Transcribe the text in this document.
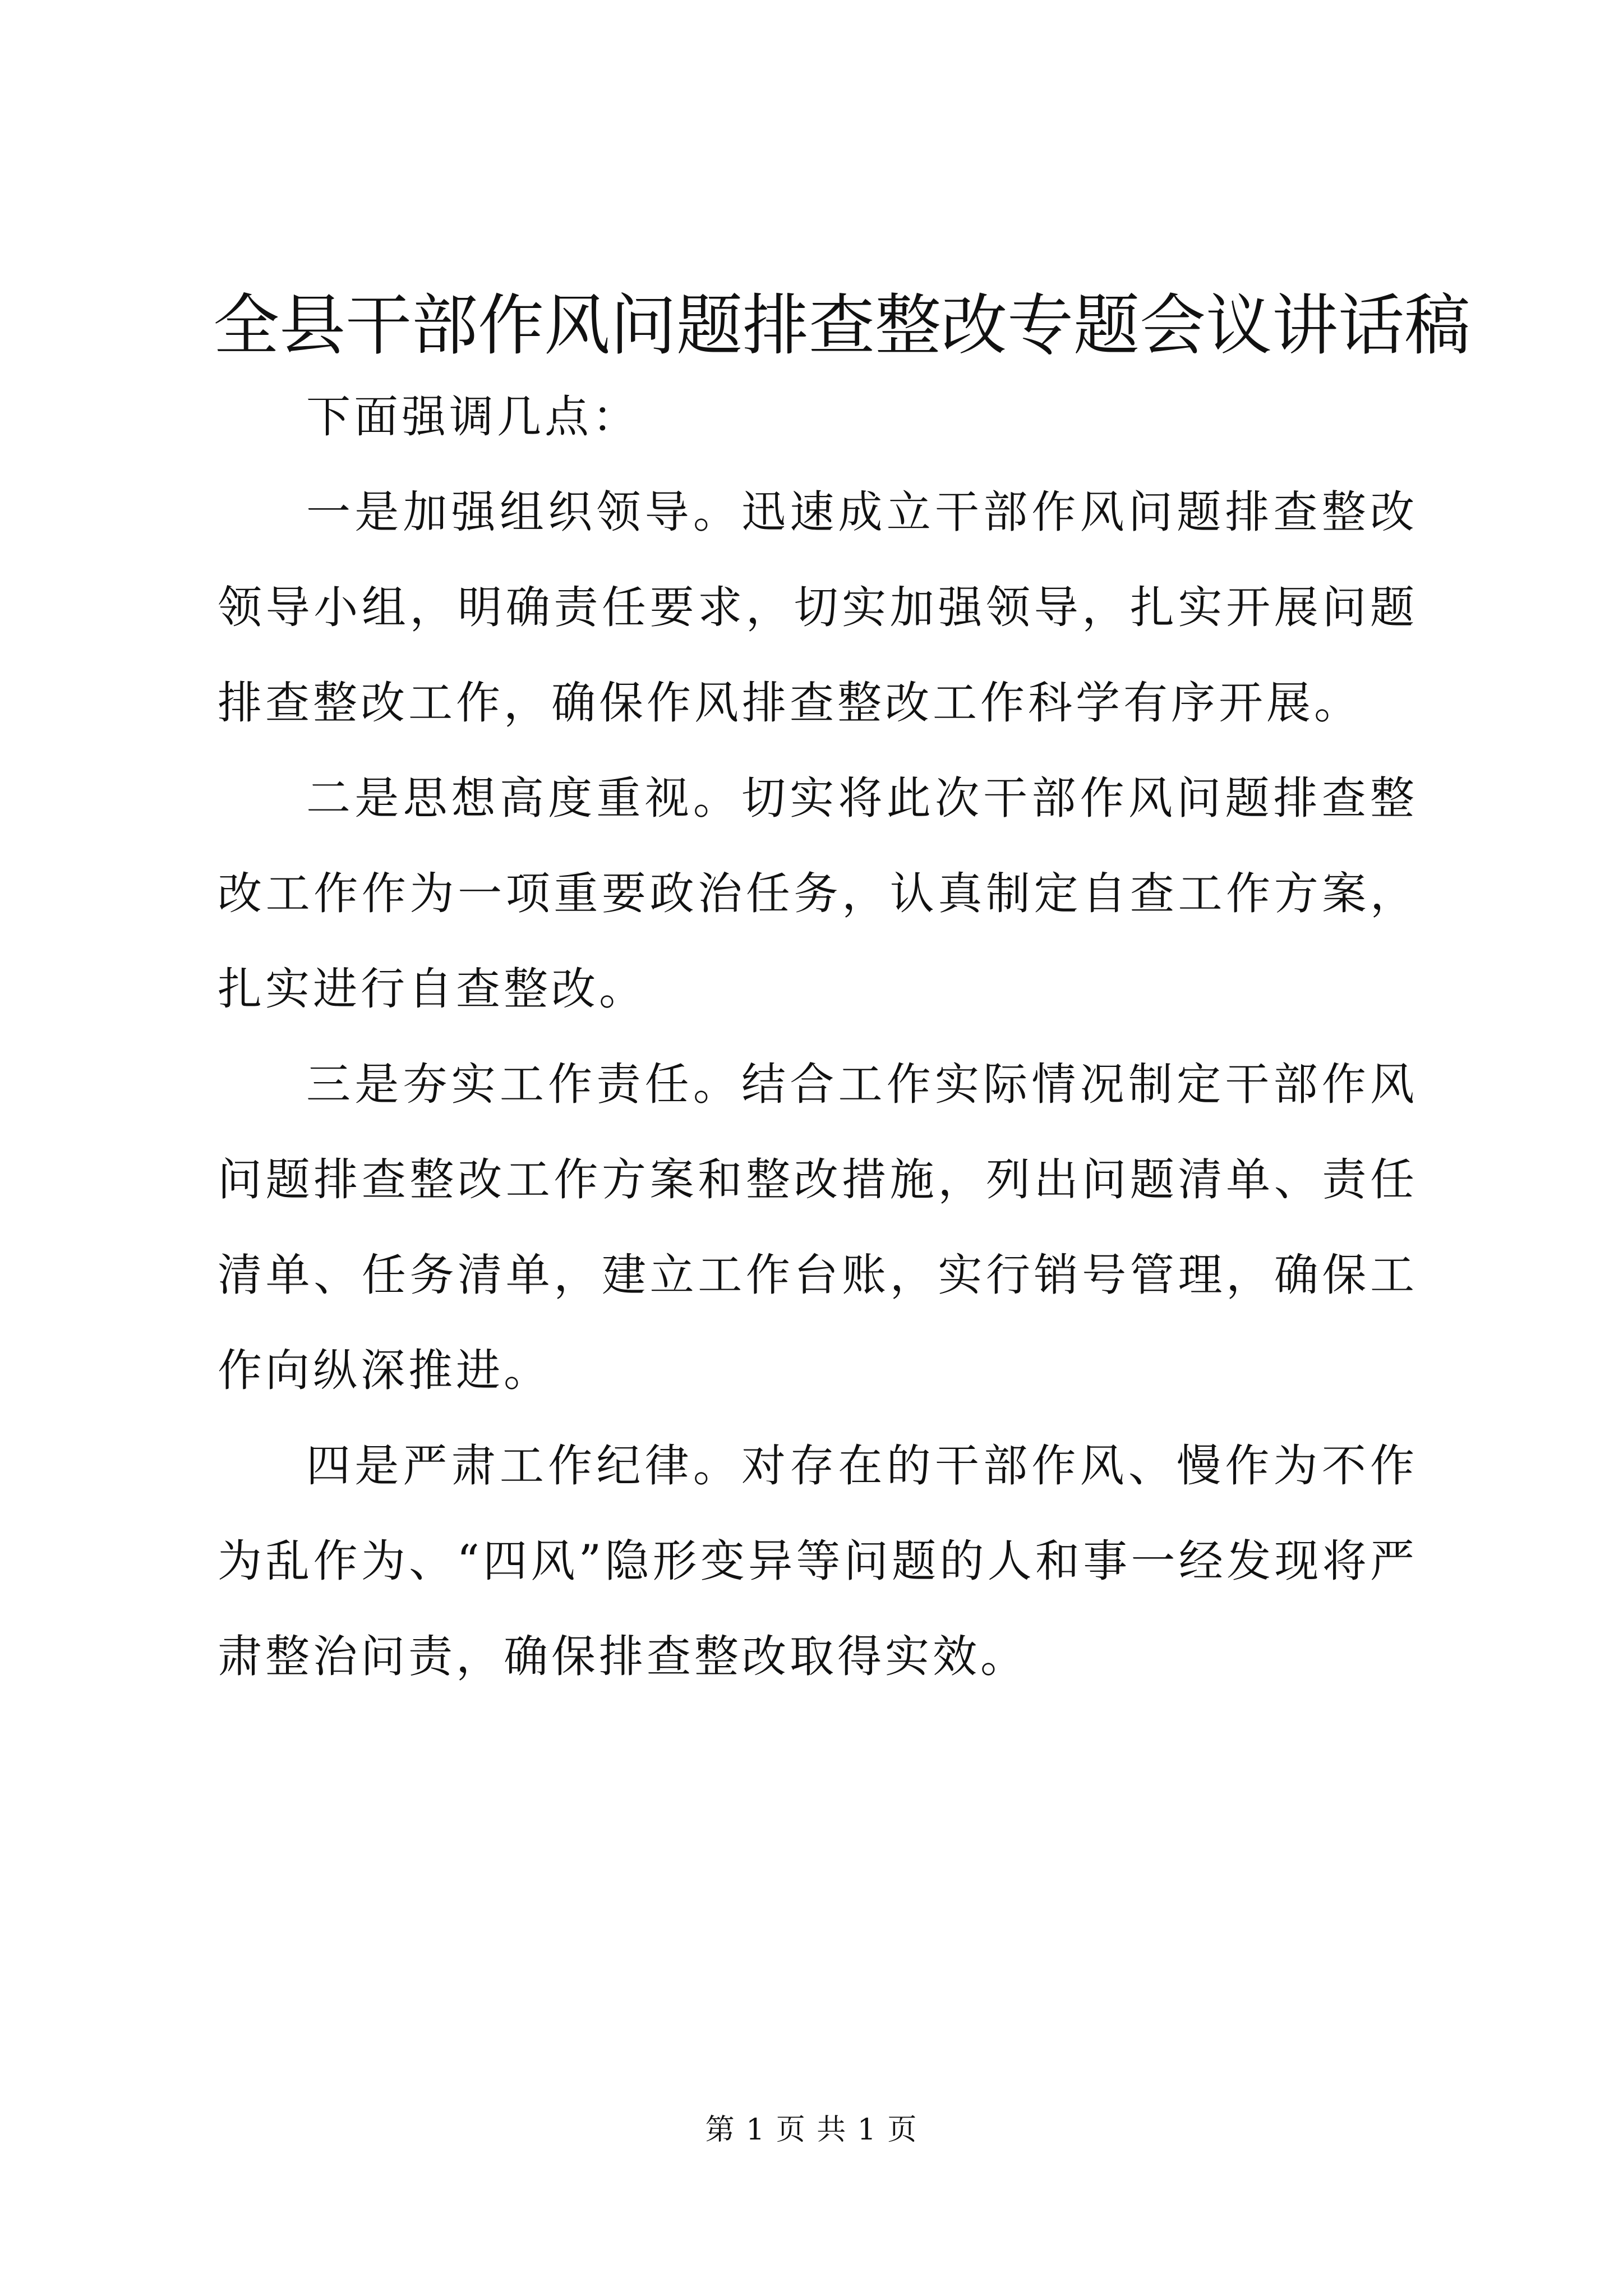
全县干部作风问题排查整改专题会议讲话稿

下面强调几点：

一是加强组织领导。迅速成立干部作风问题排查整改领导小组，明确责任要求，切实加强领导，扎实开展问题排查整改工作，确保作风排查整改工作科学有序开展。

二是思想高度重视。切实将此次干部作风问题排查整改工作作为一项重要政治任务，认真制定自查工作方案，扎实进行自查整改。

三是夯实工作责任。结合工作实际情况制定干部作风问题排查整改工作方案和整改措施，列出问题清单、责任清单、任务清单，建立工作台账，实行销号管理，确保工作向纵深推进。

四是严肃工作纪律。对存在的干部作风、慢作为不作为乱作为、“四风”隐形变异等问题的人和事一经发现将严肃整治问责，确保排查整改取得实效。

第 1 页 共 1 页
